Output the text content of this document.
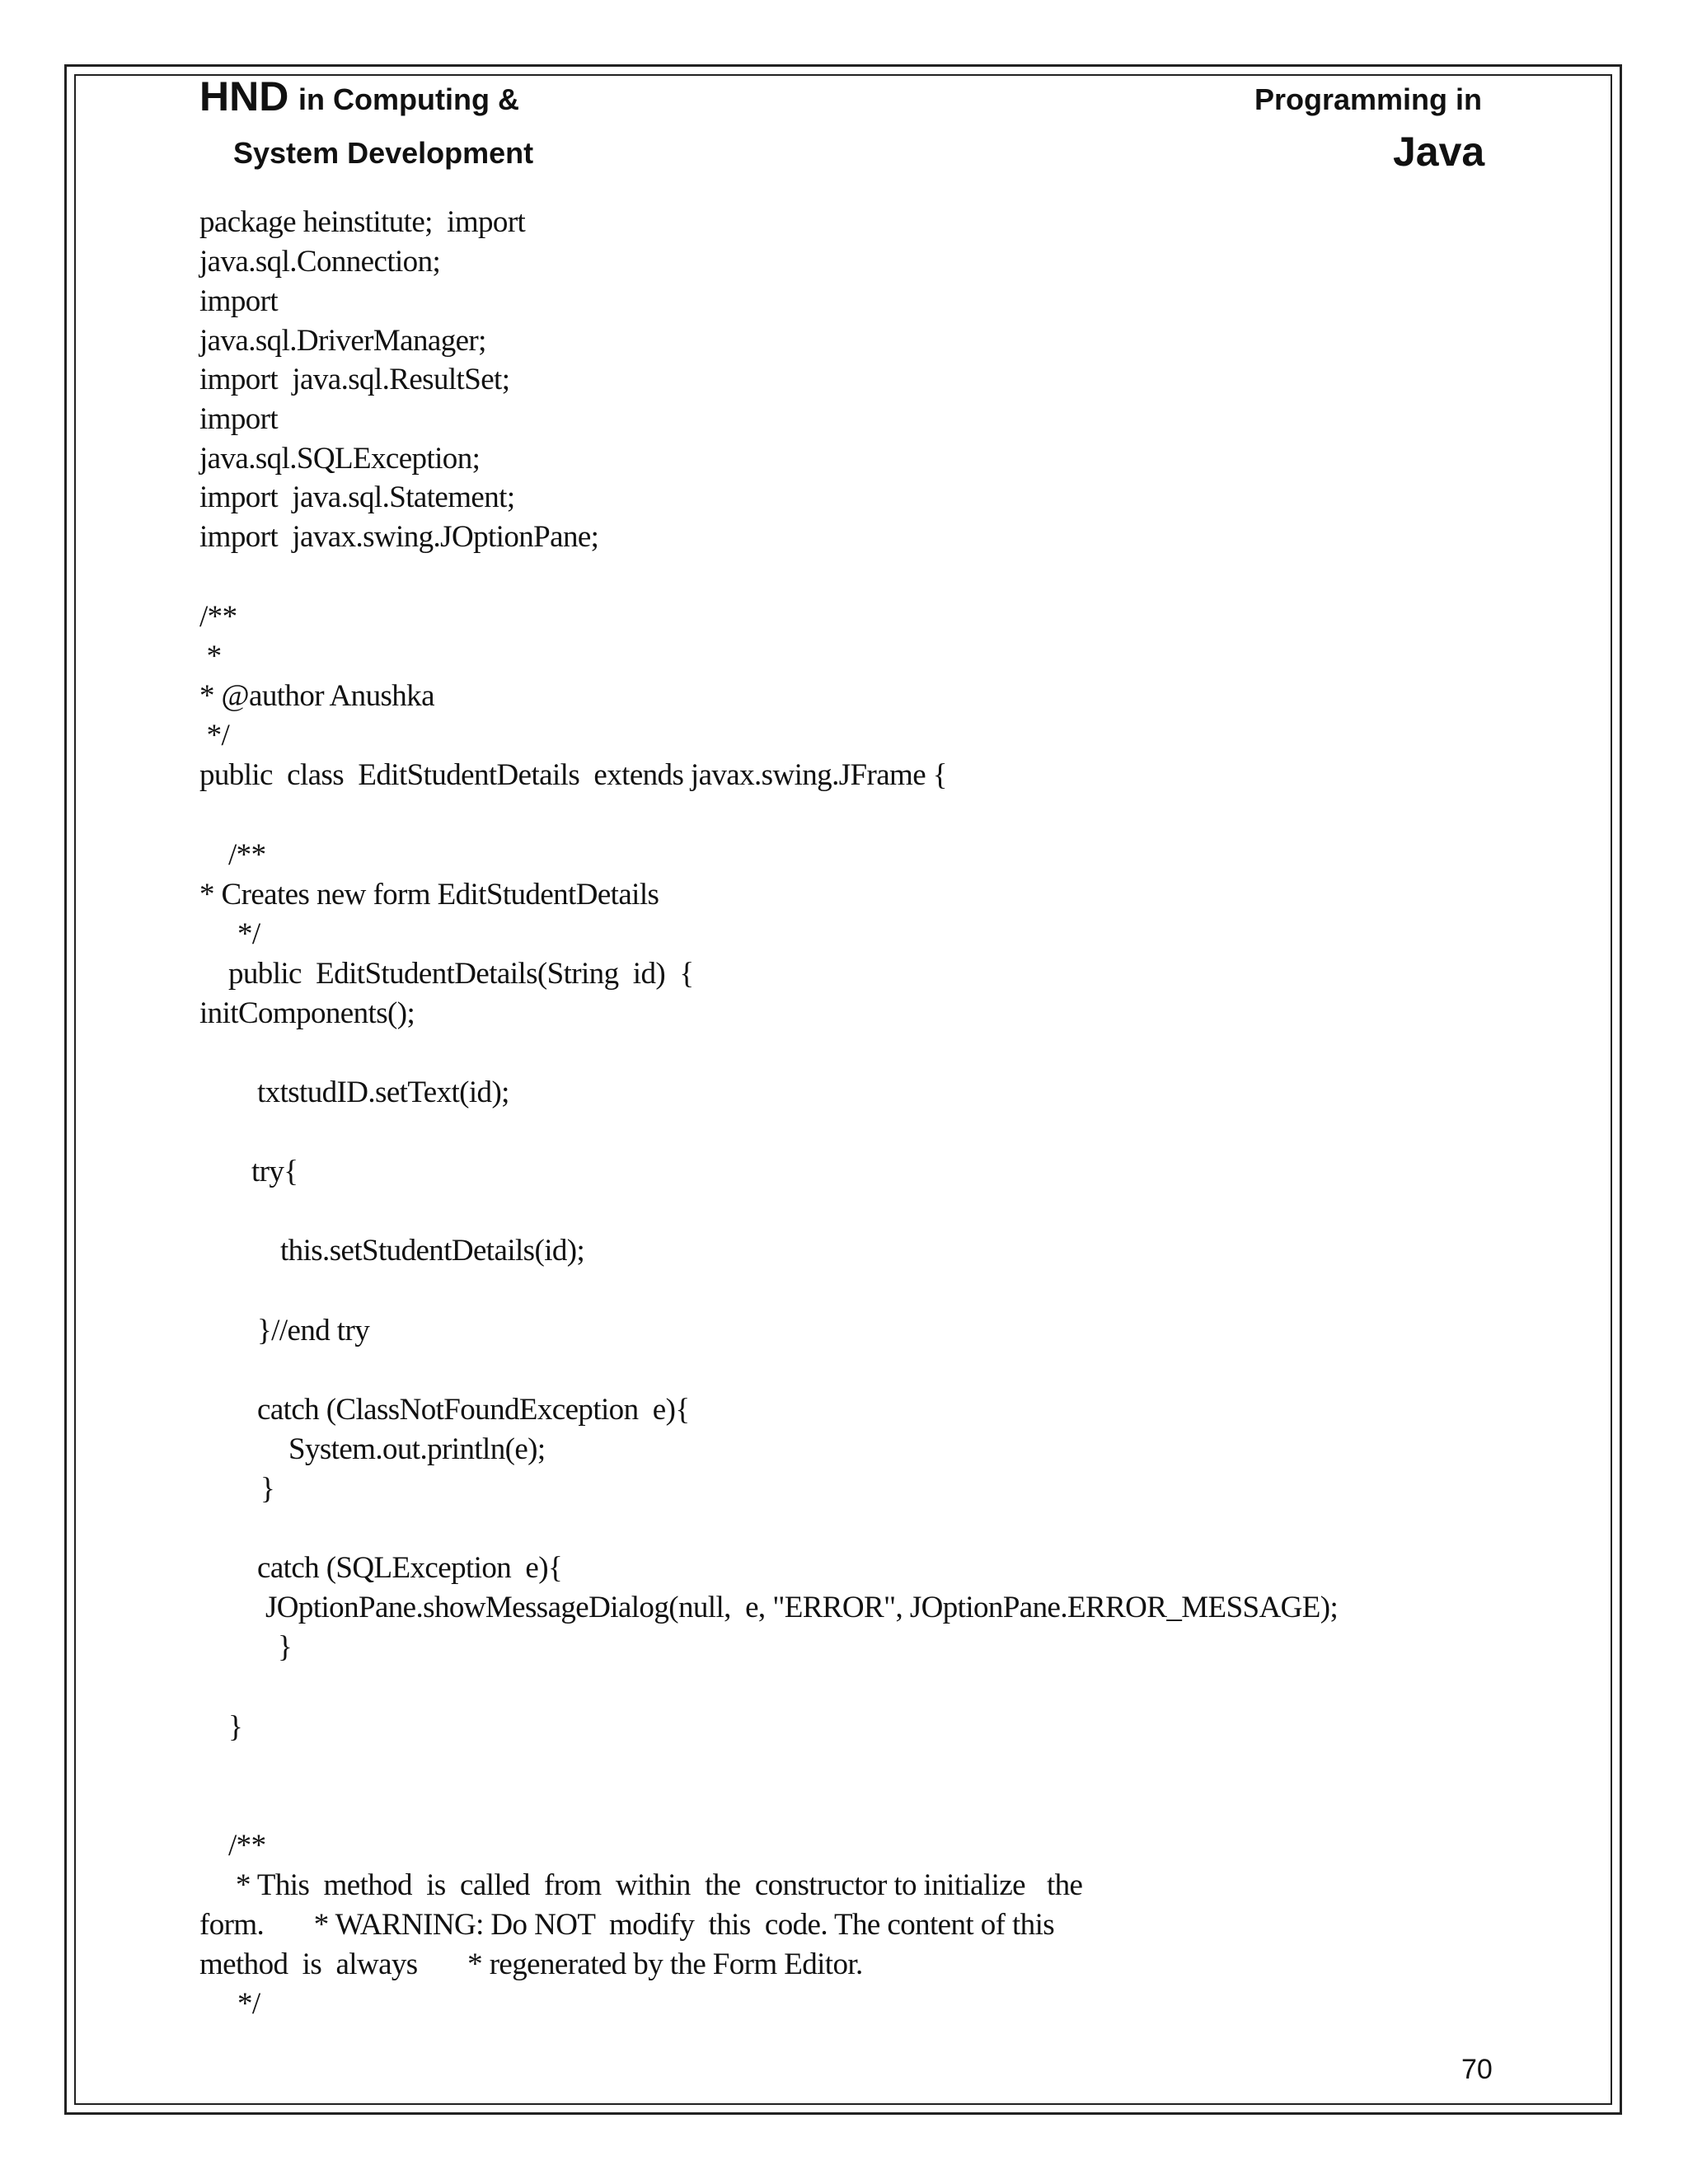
HND in Computing &
System Development
Programming in
Java
package heinstitute;  import
java.sql.Connection;
import
java.sql.DriverManager;
import  java.sql.ResultSet;
import
java.sql.SQLException;
import  java.sql.Statement;
import  javax.swing.JOptionPane;
/**
*
* @author Anushka
*/
public  class  EditStudentDetails  extends javax.swing.JFrame {
/**
* Creates new form EditStudentDetails
*/
public  EditStudentDetails(String  id)  {
initComponents();
txtstudID.setText(id);
try{
this.setStudentDetails(id);
}//end try
catch (ClassNotFoundException  e){
System.out.println(e);
}
catch (SQLException  e){
JOptionPane.showMessageDialog(null,  e, "ERROR", JOptionPane.ERROR_MESSAGE);
}
}
/**
* This  method  is  called  from  within  the  constructor to initialize   the
form.       * WARNING: Do NOT  modify  this  code. The content of this
method  is  always       * regenerated by the Form Editor.
*/
70
